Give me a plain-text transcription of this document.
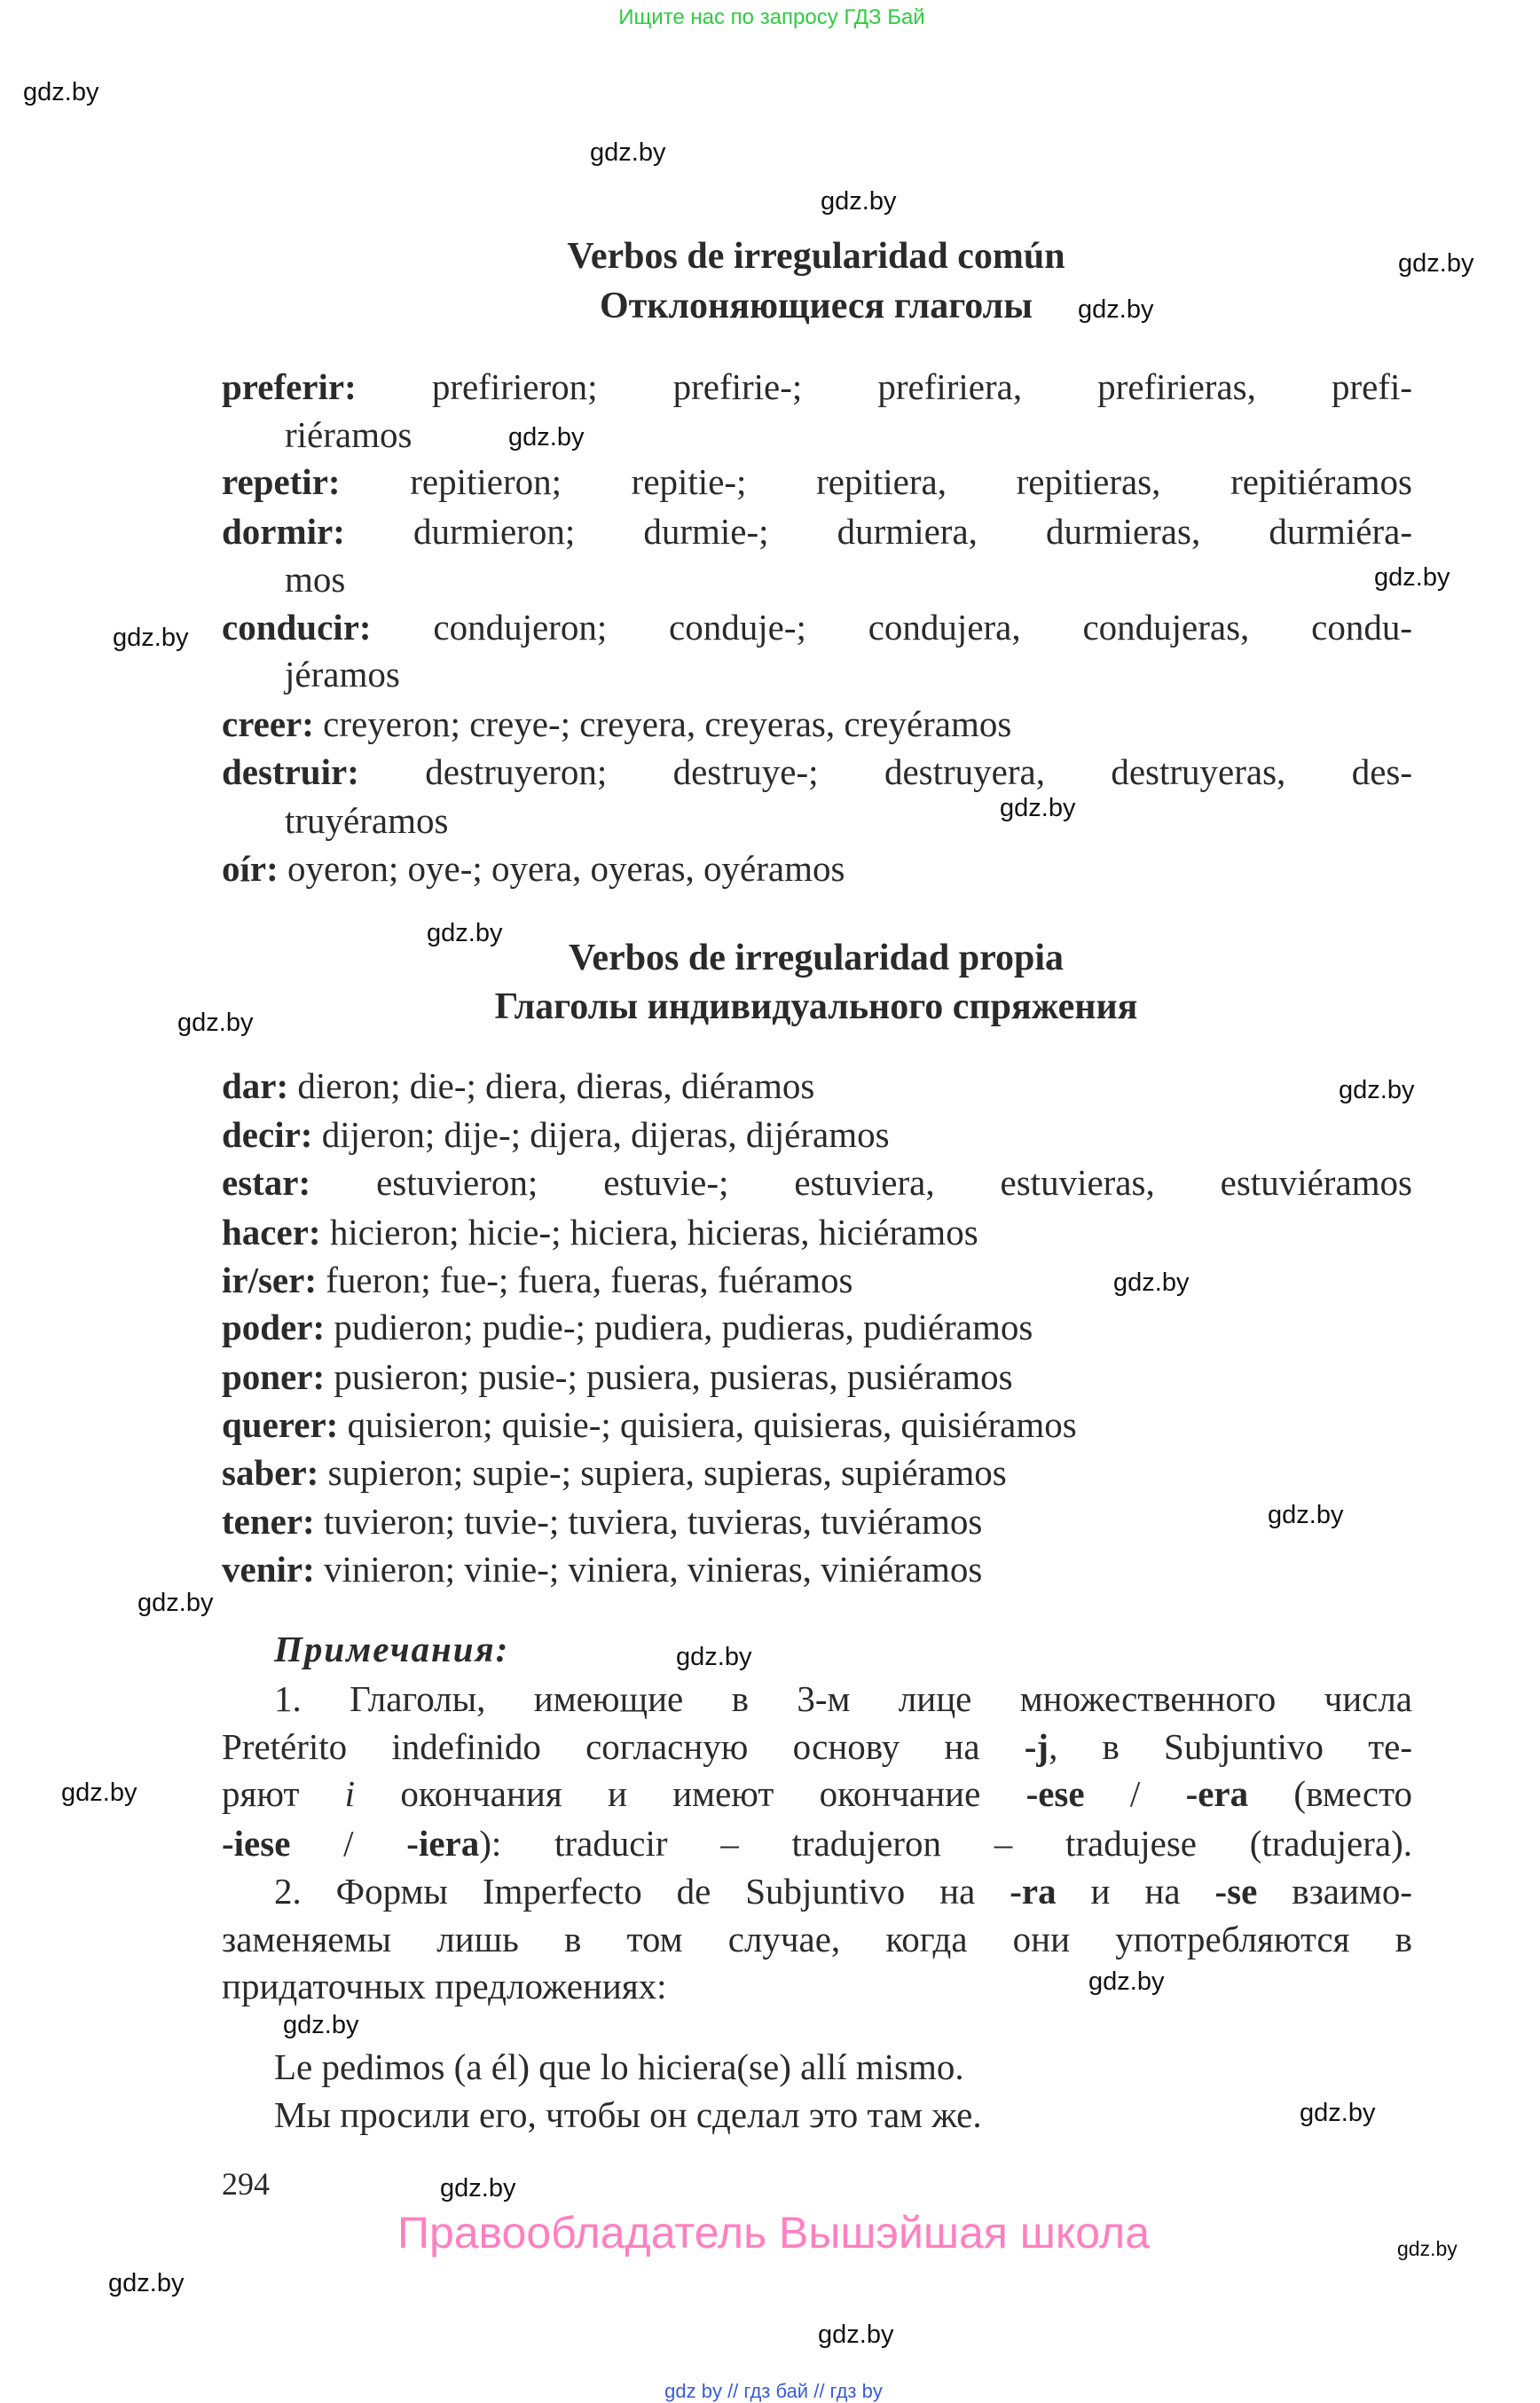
Ищите нас по запросу ГДЗ Бай
Verbos de irregularidad común
Отклоняющиеся глаголы
Verbos de irregularidad propia
Глаголы индивидуального спряжения
preferir: prefirieron; prefirie-; prefiriera, prefirieras, prefi-
riéramos
repetir: repitieron; repitie-; repitiera, repitieras, repitiéramos
dormir: durmieron; durmie-; durmiera, durmieras, durmiéra-
mos
conducir: condujeron; conduje-; condujera, condujeras, condu-
jéramos
creer: creyeron; creye-; creyera, creyeras, creyéramos
destruir: destruyeron; destruye-; destruyera, destruyeras, des-
truyéramos
oír: oyeron; oye-; oyera, oyeras, oyéramos
dar: dieron; die-; diera, dieras, diéramos
decir: dijeron; dije-; dijera, dijeras, dijéramos
estar: estuvieron; estuvie-; estuviera, estuvieras, estuviéramos
hacer: hicieron; hicie-; hiciera, hicieras, hiciéramos
ir/ser: fueron; fue-; fuera, fueras, fuéramos
poder: pudieron; pudie-; pudiera, pudieras, pudiéramos
poner: pusieron; pusie-; pusiera, pusieras, pusiéramos
querer: quisieron; quisie-; quisiera, quisieras, quisiéramos
saber: supieron; supie-; supiera, supieras, supiéramos
tener: tuvieron; tuvie-; tuviera, tuvieras, tuviéramos
venir: vinieron; vinie-; viniera, vinieras, viniéramos
Примечания:
1. Глаголы, имеющие в 3-м лице множественного числа
Pretérito indefinido согласную основу на -j, в Subjuntivo те-
ряют i окончания и имеют окончание -ese / -era (вместо
-iese / -iera): traducir – tradujeron – tradujese (tradujera).
2. Формы Imperfecto de Subjuntivo на -ra и на -se взаимо-
заменяемы лишь в том случае, когда они употребляются в
придаточных предложениях:
Le pedimos (a él) que lo hiciera(se) allí mismo.
Мы просили его, чтобы он сделал это там же.
gdz.by
gdz.by
gdz.by
gdz.by
gdz.by
gdz.by
gdz.by
gdz.by
gdz.by
gdz.by
gdz.by
gdz.by
gdz.by
gdz.by
gdz.by
gdz.by
gdz.by
gdz.by
gdz.by
gdz.by
gdz.by
gdz.by
gdz.by
gdz.by
294
Правообладатель Вышэйшая школа
gdz by // гдз бай // гдз by
